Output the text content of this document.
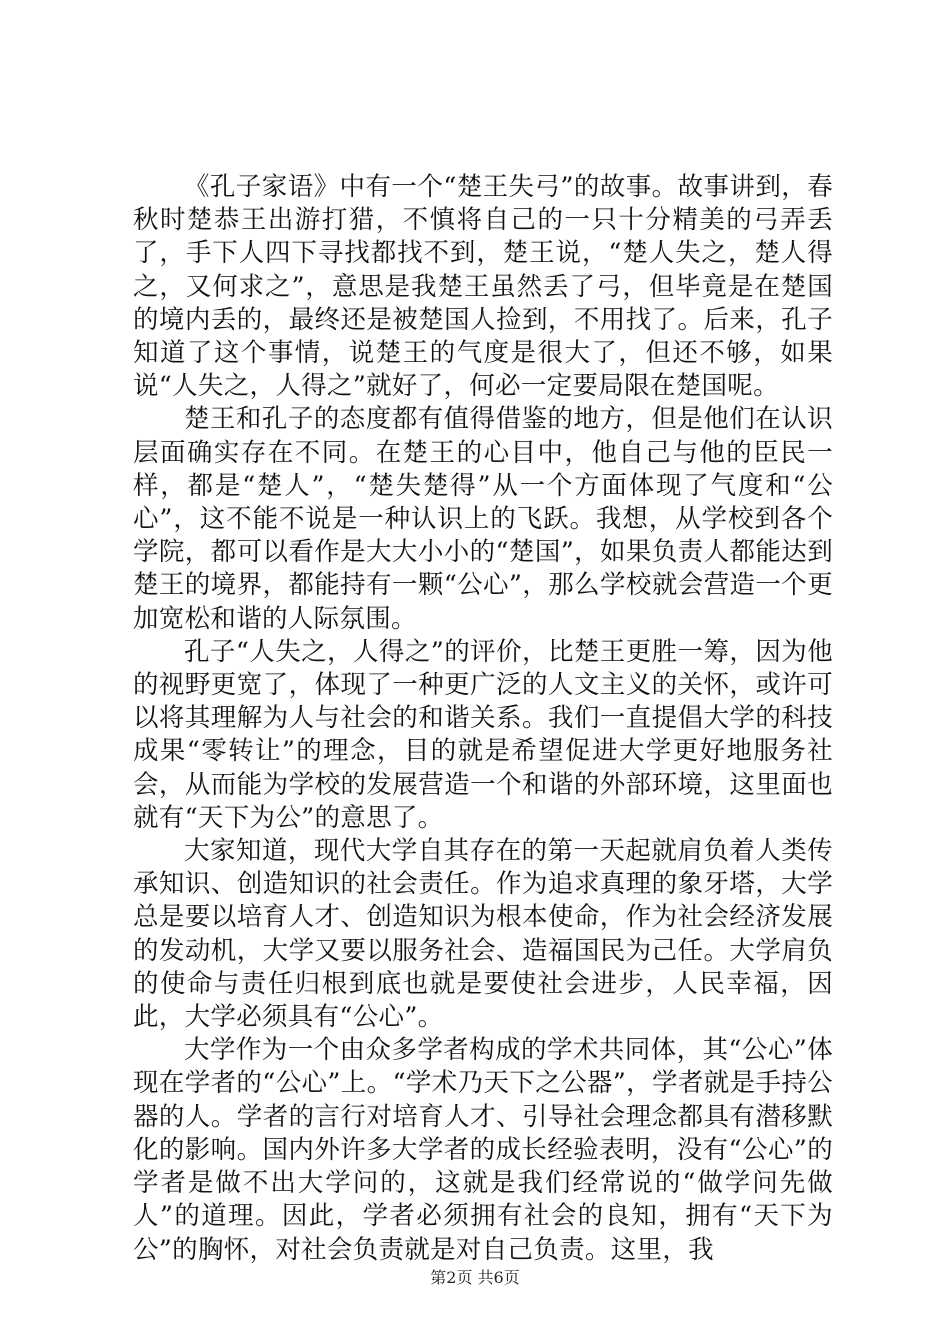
《孔子家语》中有一个“楚王失弓”的故事。故事讲到，春秋时楚恭王出游打猎，不慎将自己的一只十分精美的弓弄丢了，手下人四下寻找都找不到，楚王说，“楚人失之，楚人得之，又何求之”，意思是我楚王虽然丢了弓，但毕竟是在楚国的境内丢的，最终还是被楚国人捡到，不用找了。后来，孔子知道了这个事情，说楚王的气度是很大了，但还不够，如果说“人失之，人得之”就好了，何必一定要局限在楚国呢。

楚王和孔子的态度都有值得借鉴的地方，但是他们在认识层面确实存在不同。在楚王的心目中，他自己与他的臣民一样，都是“楚人”，“楚失楚得”从一个方面体现了气度和“公心”，这不能不说是一种认识上的飞跃。我想，从学校到各个学院，都可以看作是大大小小的“楚国”，如果负责人都能达到楚王的境界，都能持有一颗“公心”，那么学校就会营造一个更加宽松和谐的人际氛围。

孔子“人失之，人得之”的评价，比楚王更胜一筹，因为他的视野更宽了，体现了一种更广泛的人文主义的关怀，或许可以将其理解为人与社会的和谐关系。我们一直提倡大学的科技成果“零转让”的理念，目的就是希望促进大学更好地服务社会，从而能为学校的发展营造一个和谐的外部环境，这里面也就有“天下为公”的意思了。

大家知道，现代大学自其存在的第一天起就肩负着人类传承知识、创造知识的社会责任。作为追求真理的象牙塔，大学总是要以培育人才、创造知识为根本使命，作为社会经济发展的发动机，大学又要以服务社会、造福国民为己任。大学肩负的使命与责任归根到底也就是要使社会进步，人民幸福，因此，大学必须具有“公心”。

大学作为一个由众多学者构成的学术共同体，其“公心”体现在学者的“公心”上。“学术乃天下之公器”，学者就是手持公器的人。学者的言行对培育人才、引导社会理念都具有潜移默化的影响。国内外许多大学者的成长经验表明，没有“公心”的学者是做不出大学问的，这就是我们经常说的“做学问先做人”的道理。因此，学者必须拥有社会的良知，拥有“天下为公”的胸怀，对社会负责就是对自己负责。这里，我

第2页 共6页
